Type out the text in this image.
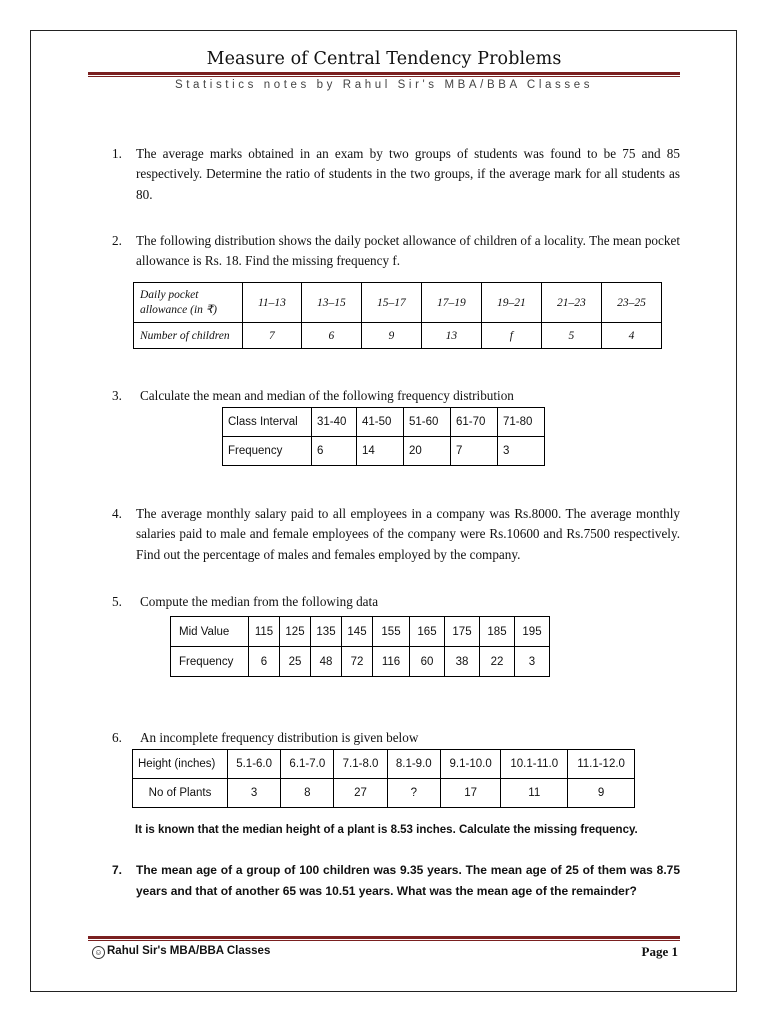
Measure of Central Tendency Problems
Statistics notes by Rahul Sir's MBA/BBA Classes
1. The average marks obtained in an exam by two groups of students was found to be 75 and 85 respectively. Determine the ratio of students in the two groups, if the average mark for all students as 80.
2. The following distribution shows the daily pocket allowance of children of a locality. The mean pocket allowance is Rs. 18. Find the missing frequency f.
Daily pocket
allowance (in ₹)	11–13	13–15	15–17	17–19	19–21	21–23	23–25
Number of children	7	6	9	13	f	5	4
3. Calculate the mean and median of the following frequency distribution
Class Interval	31-40	41-50	51-60	61-70	71-80
Frequency	6	14	20	7	3
4. The average monthly salary paid to all employees in a company was Rs.8000. The average monthly salaries paid to male and female employees of the company were Rs.10600 and Rs.7500 respectively. Find out the percentage of males and females employed by the company.
5. Compute the median from the following data
Mid Value	115	125	135	145	155	165	175	185	195
Frequency	6	25	48	72	116	60	38	22	3
6. An incomplete frequency distribution is given below
Height (inches)	5.1-6.0	6.1-7.0	7.1-8.0	8.1-9.0	9.1-10.0	10.1-11.0	11.1-12.0
No of Plants	3	8	27	?	17	11	9
It is known that the median height of a plant is 8.53 inches. Calculate the missing frequency.
7. The mean age of a group of 100 children was 9.35 years. The mean age of 25 of them was 8.75 years and that of another 65 was 10.51 years. What was the mean age of the remainder?
☺ Rahul Sir's MBA/BBA Classes	Page 1
